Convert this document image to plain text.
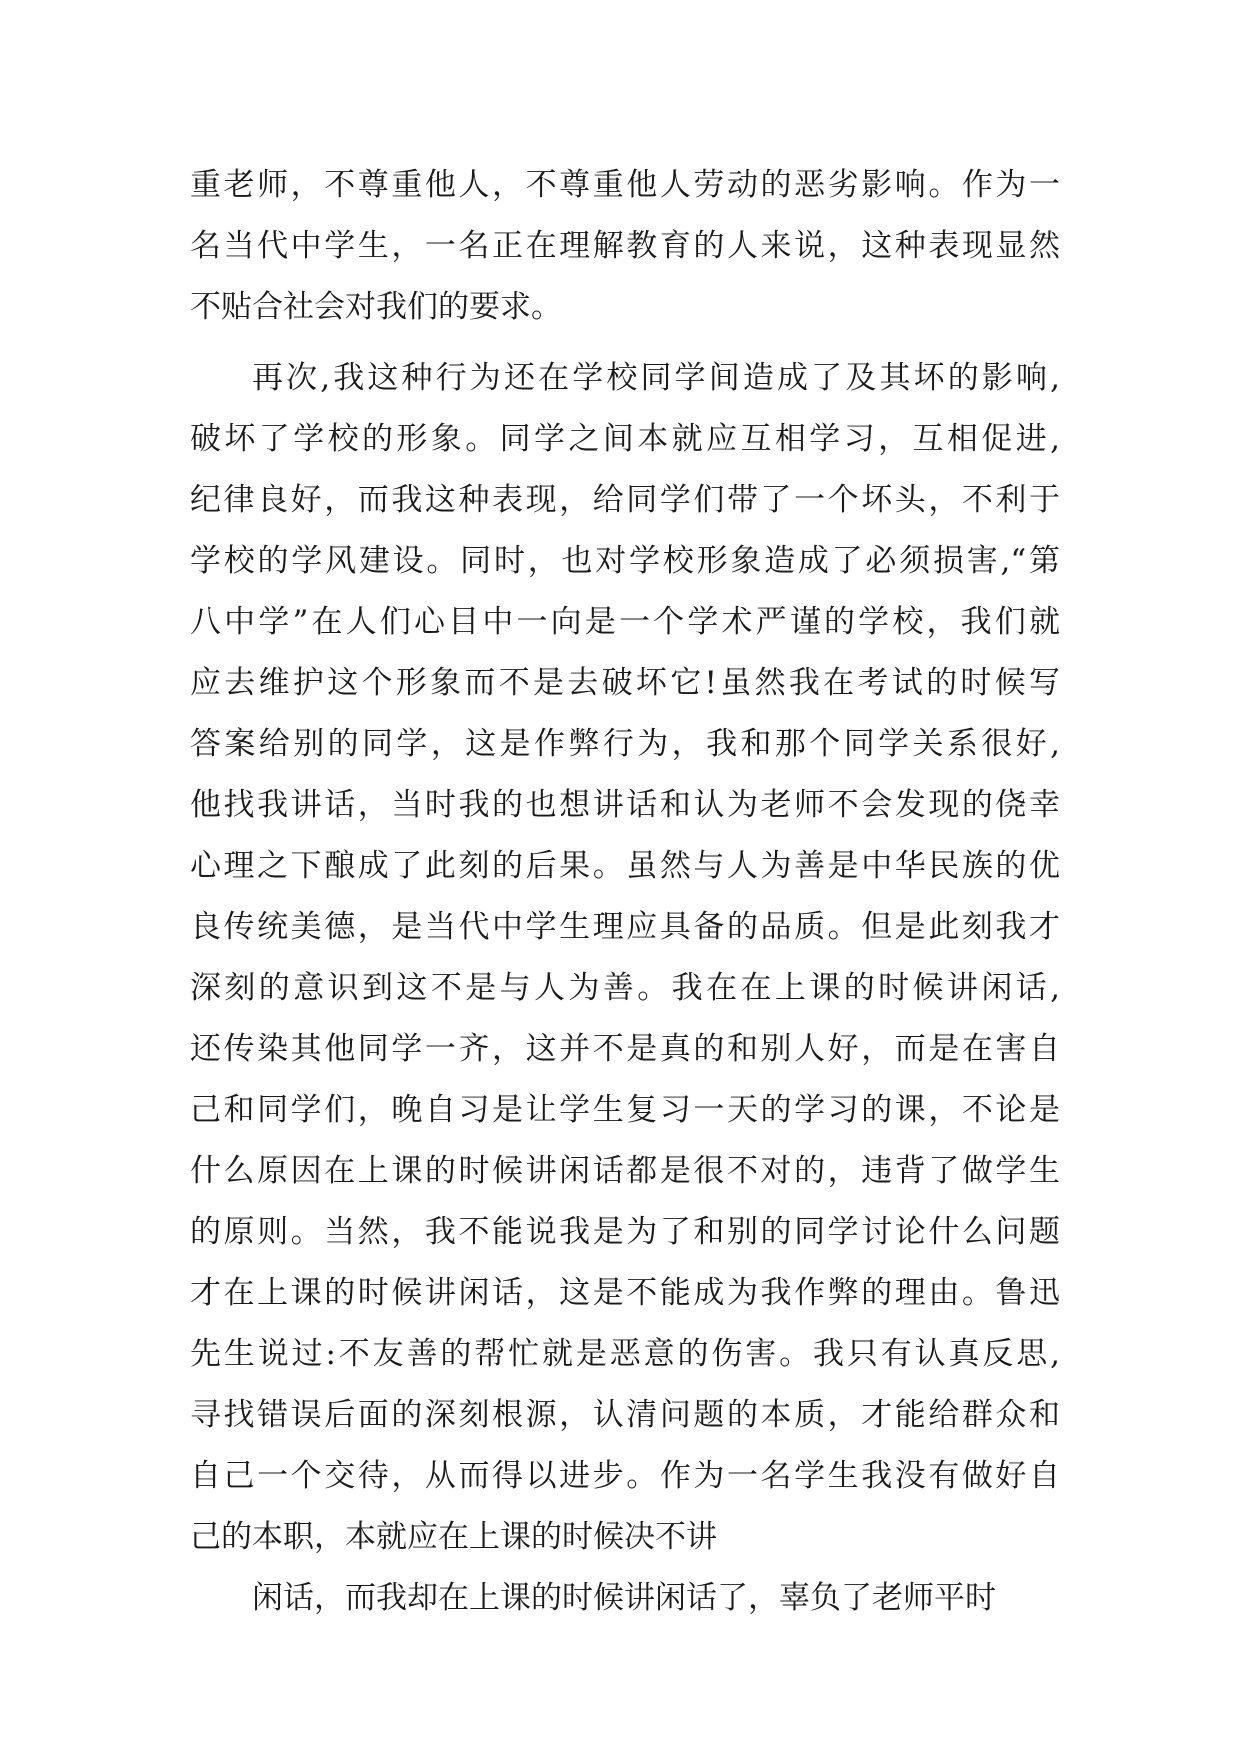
重老师，不尊重他人，不尊重他人劳动的恶劣影响。作为一
名当代中学生，一名正在理解教育的人来说，这种表现显然
不贴合社会对我们的要求。
再次,我这种行为还在学校同学间造成了及其坏的影响,
破坏了学校的形象。同学之间本就应互相学习，互相促进,
纪律良好，而我这种表现，给同学们带了一个坏头，不利于
学校的学风建设。同时，也对学校形象造成了必须损害,“第
八中学”在人们心目中一向是一个学术严谨的学校，我们就
应去维护这个形象而不是去破坏它!虽然我在考试的时候写
答案给别的同学，这是作弊行为，我和那个同学关系很好,
他找我讲话，当时我的也想讲话和认为老师不会发现的侥幸
心理之下酿成了此刻的后果。虽然与人为善是中华民族的优
良传统美德，是当代中学生理应具备的品质。但是此刻我才
深刻的意识到这不是与人为善。我在在上课的时候讲闲话,
还传染其他同学一齐，这并不是真的和别人好，而是在害自
己和同学们，晚自习是让学生复习一天的学习的课，不论是
什么原因在上课的时候讲闲话都是很不对的，违背了做学生
的原则。当然，我不能说我是为了和别的同学讨论什么问题
才在上课的时候讲闲话，这是不能成为我作弊的理由。鲁迅
先生说过:不友善的帮忙就是恶意的伤害。我只有认真反思,
寻找错误后面的深刻根源，认清问题的本质，才能给群众和
自己一个交待，从而得以进步。作为一名学生我没有做好自
己的本职，本就应在上课的时候决不讲
闲话，而我却在上课的时候讲闲话了，辜负了老师平时
